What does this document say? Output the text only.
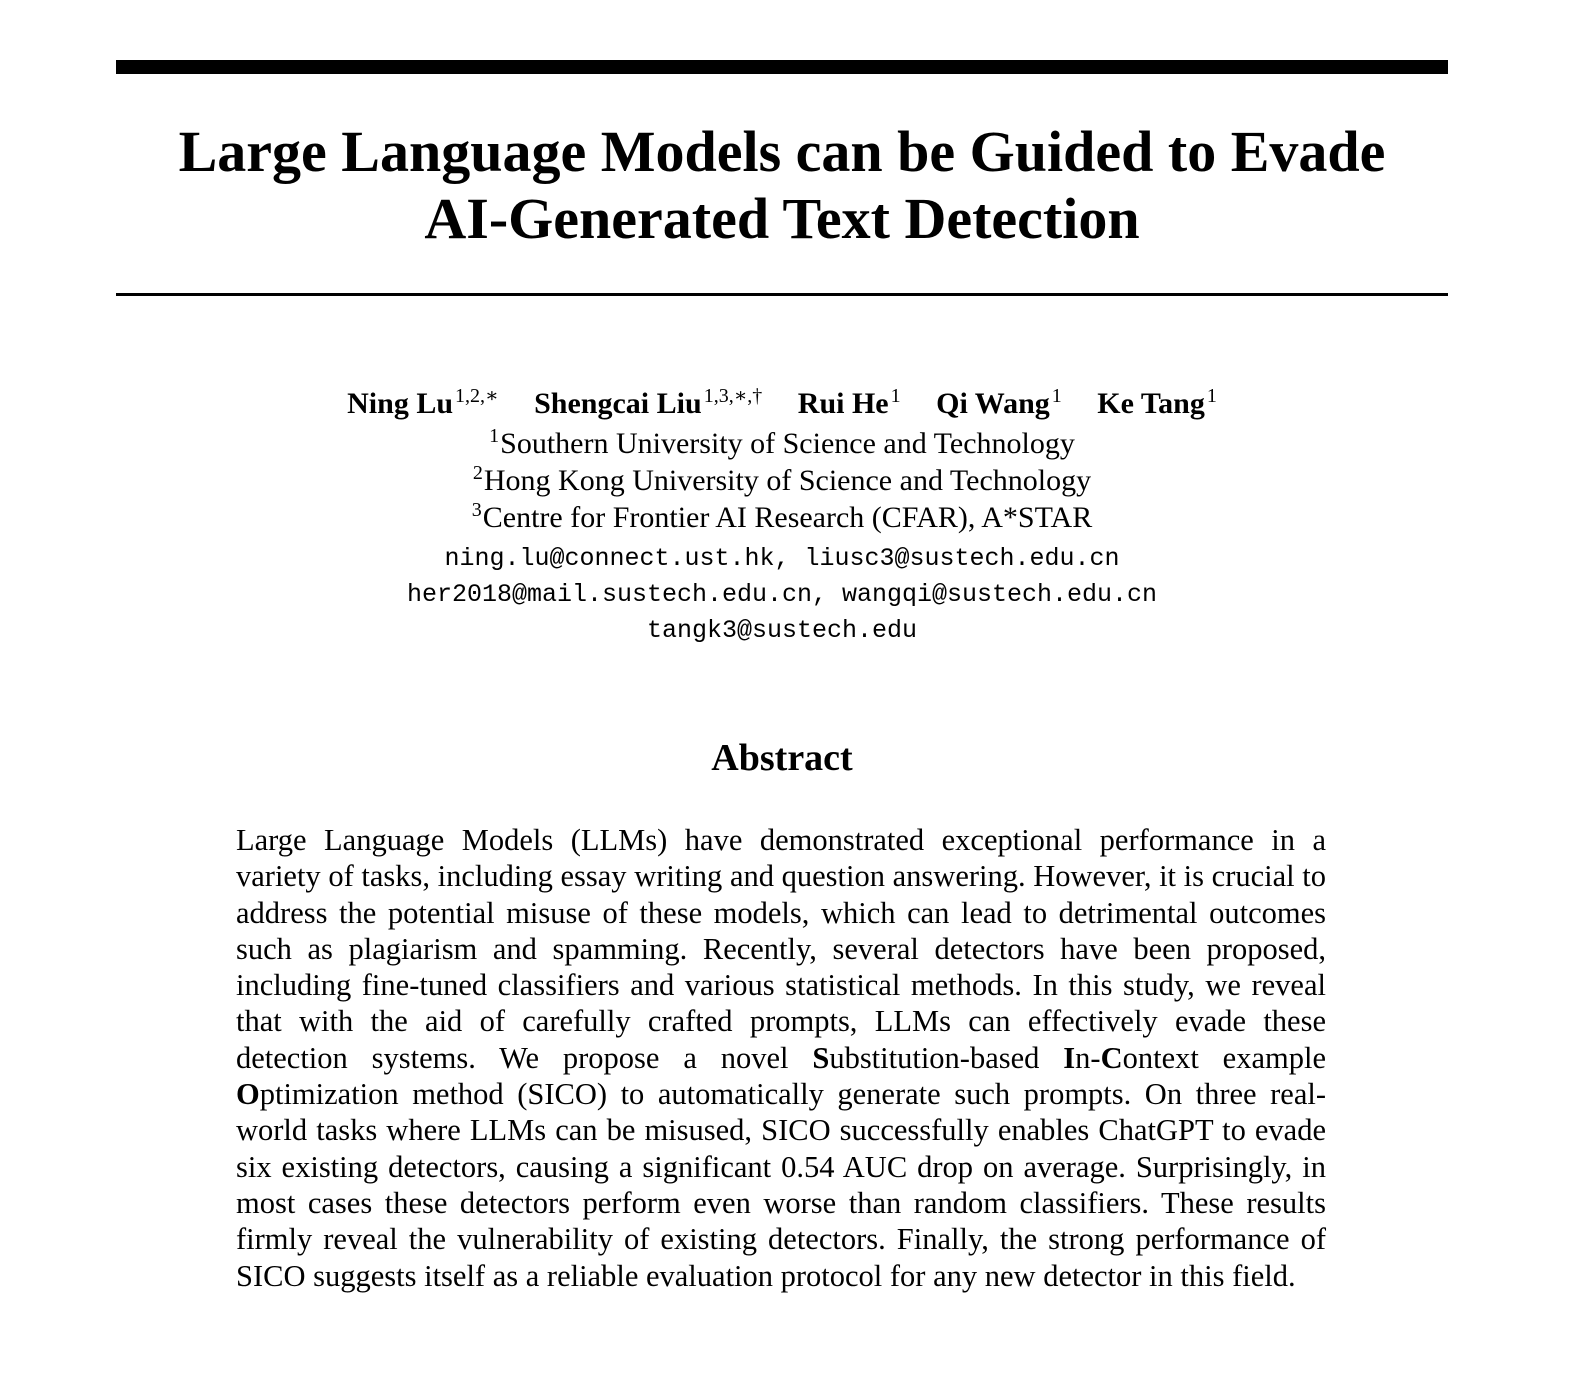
Large Language Models can be Guided to Evade
AI-Generated Text Detection
Ning Lu $^{1,2,∗}$ Shengcai Liu $^{1,3,∗,\dagger}$ Rui He $^1$ Qi Wang $^1$ Ke Tang $^1$
$^1$Southern University of Science and Technology
$^2$Hong Kong University of Science and Technology
$^3$Centre for Frontier AI Research (CFAR), A*STAR
ning.lu@connect.ust.hk, liusc3@sustech.edu.cn
her2018@mail.sustech.edu.cn, wangqi@sustech.edu.cn
tangk3@sustech.edu
Abstract

Large Language Models (LLMs) have demonstrated exceptional performance in a variety of tasks, including essay writing and question answering. However, it is crucial to address the potential misuse of these models, which can lead to detrimental outcomes such as plagiarism and spamming. Recently, several detectors have been proposed, including fine-tuned classifiers and various statistical methods. In this study, we reveal that with the aid of carefully crafted prompts, LLMs can effectively evade these detection systems. We propose a novel Substitution-based In-Context example Optimization method (SICO) to automatically generate such prompts. On three real-world tasks where LLMs can be misused, SICO successfully enables ChatGPT to evade six existing detectors, causing a significant 0.54 AUC drop on average. Surprisingly, in most cases these detectors perform even worse than random classifiers. These results firmly reveal the vulnerability of existing detectors. Finally, the strong performance of SICO suggests itself as a reliable evaluation protocol for any new detector in this field.
